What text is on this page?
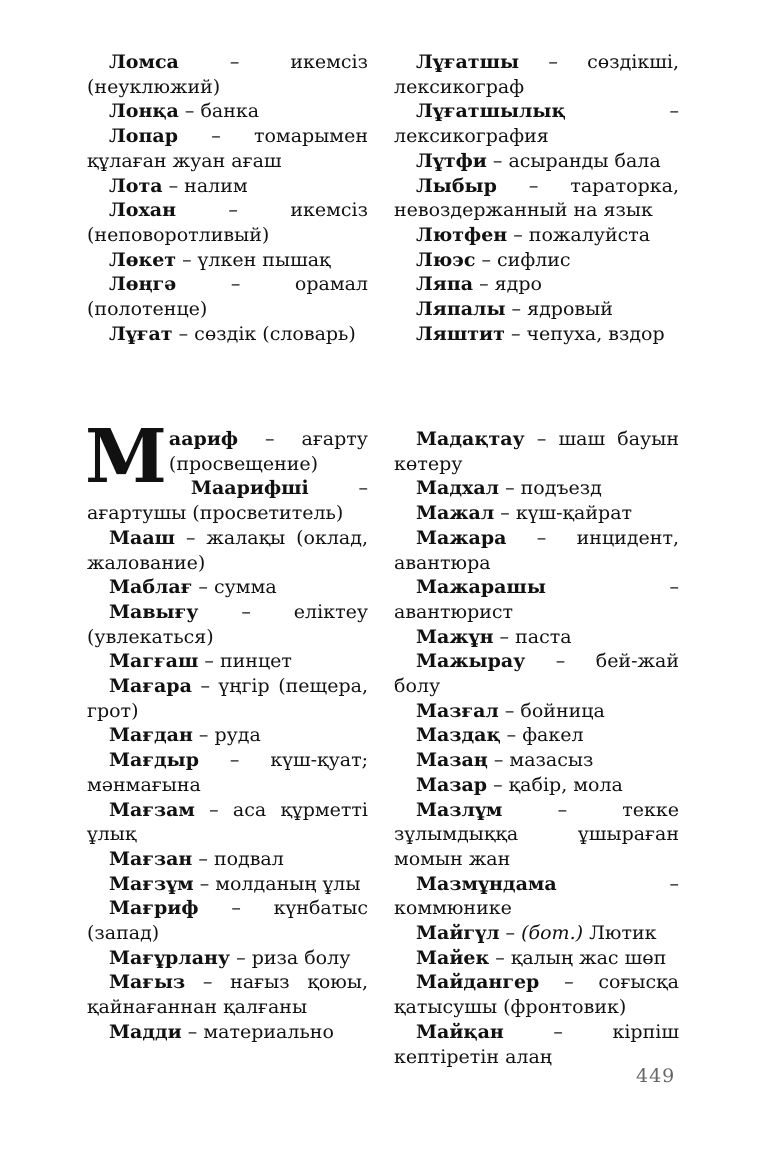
Ломса – икемсіз (неуклюжий)

Лонқа – банка

Лопар – томарымен құлаған жуан ағаш

Лота – налим

Лохан – икемсіз (неповоротливый)

Лөкет – үлкен пышақ

Лөңгә – орамал (полотенце)

Лұғат – сөздік (словарь)

Лұғатшы – сөздікші, лексикограф

Лұғатшылық – лексикография

Лұтфи – асыранды бала

Лыбыр – тараторка, невоздержанный на язык

Лютфен – пожалуйста

Люэс – сифлис

Ляпа – ядро

Ляпалы – ядровый

Ляштит – чепуха, вздор

Маариф – ағарту (просвещение)

Маарифші – ағартушы (просветитель)

Мааш – жалақы (оклад, жалование)

Маблағ – сумма

Мавығу – еліктеу (увлекаться)

Магғаш – пинцет

Мағара – үңгір (пещера, грот)

Мағдан – руда

Мағдыр – күш-қуат; мәнмағына

Мағзам – аса құрметті ұлық

Мағзан – подвал

Мағзұм – молданың ұлы

Мағриф – күнбатыс (запад)

Мағұрлану – риза болу

Мағыз – нағыз қоюы, қайнағаннан қалғаны

Мадди – материально

Мадақтау – шаш бауын көтеру

Мадхал – подъезд

Мажал – күш-қайрат

Мажара – инцидент, авантюра

Мажарашы – авантюрист

Мажұн – паста

Мажырау – бей-жай болу

Мазғал – бойница

Маздақ – факел

Мазаң – мазасыз

Мазар – қабір, мола

Мазлұм – текке зұлымдыққа ұшыраған момын жан

Мазмұндама – коммюнике

Майгүл – (бот.) Лютик

Майек – қалың жас шөп

Майдангер – соғысқа қатысушы (фронтовик)

Майқан – кірпіш кептіретін алаң

449
